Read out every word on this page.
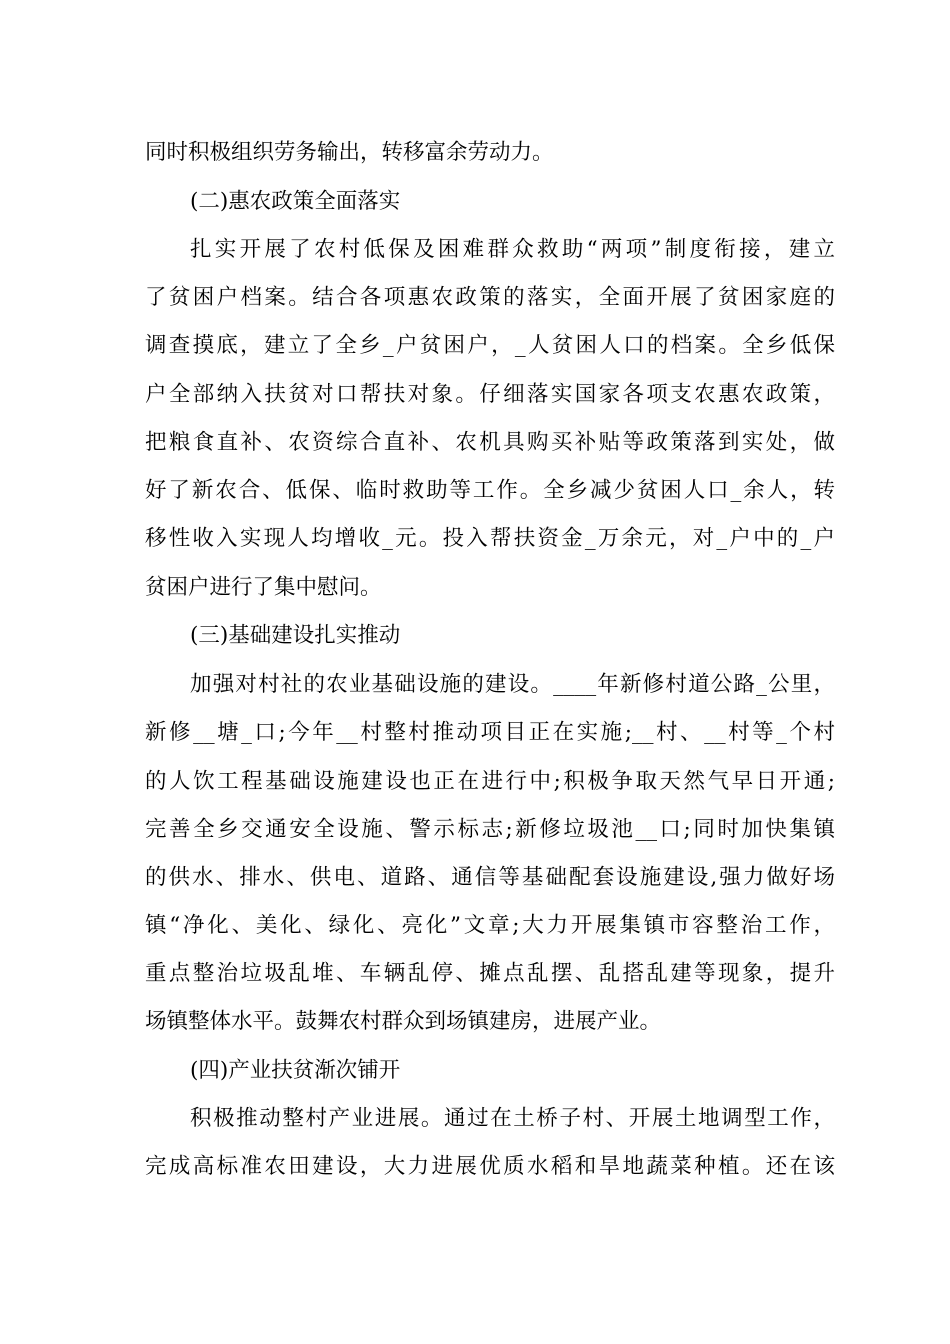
同时积极组织劳务输出，转移富余劳动力。
(二)惠农政策全面落实
扎实开展了农村低保及困难群众救助“两项”制度衔接，建立
了贫困户档案。结合各项惠农政策的落实，全面开展了贫困家庭的
调查摸底，建立了全乡_户贫困户，_人贫困人口的档案。全乡低保
户全部纳入扶贫对口帮扶对象。仔细落实国家各项支农惠农政策，
把粮食直补、农资综合直补、农机具购买补贴等政策落到实处，做
好了新农合、低保、临时救助等工作。全乡减少贫困人口_余人，转
移性收入实现人均增收_元。投入帮扶资金_万余元，对_户中的_户
贫困户进行了集中慰问。
(三)基础建设扎实推动
加强对村社的农业基础设施的建设。____年新修村道公路_公里，
新修__塘_口;今年__村整村推动项目正在实施;__村、__村等_个村
的人饮工程基础设施建设也正在进行中;积极争取天然气早日开通;
完善全乡交通安全设施、警示标志;新修垃圾池__口;同时加快集镇
的供水、排水、供电、道路、通信等基础配套设施建设,强力做好场
镇“净化、美化、绿化、亮化”文章;大力开展集镇市容整治工作，
重点整治垃圾乱堆、车辆乱停、摊点乱摆、乱搭乱建等现象，提升
场镇整体水平。鼓舞农村群众到场镇建房，进展产业。
(四)产业扶贫渐次铺开
积极推动整村产业进展。通过在土桥子村、开展土地调型工作，
完成高标准农田建设，大力进展优质水稻和旱地蔬菜种植。还在该
